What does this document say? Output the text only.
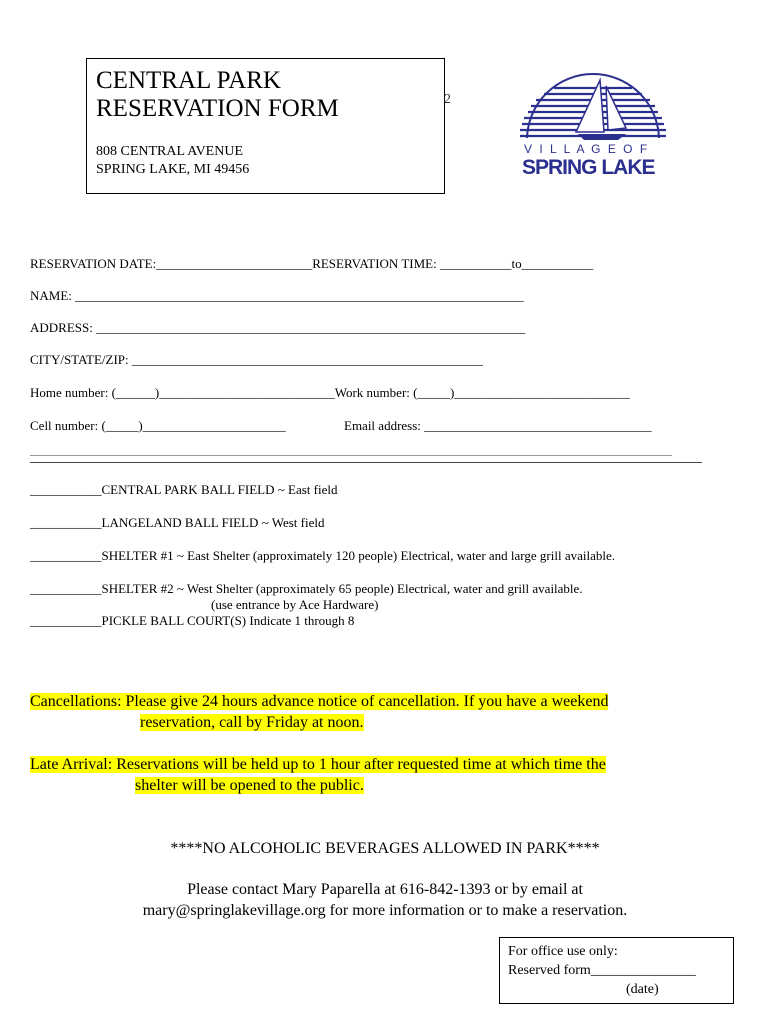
CENTRAL PARK
RESERVATION FORM
808 CENTRAL AVENUE
SPRING LAKE, MI 49456
2
V I L L A G E O F
SPRING LAKE
RESERVATION DATE:________________________RESERVATION TIME: ___________to___________
NAME: _____________________________________________________________________
ADDRESS: __________________________________________________________________
CITY/STATE/ZIP: ______________________________________________________
Home number: (______)___________________________Work number: (_____)___________________________
Cell number: (_____)______________________	Email address: ___________________________________
___________CENTRAL PARK BALL FIELD ~ East field
___________LANGELAND BALL FIELD ~ West field
___________SHELTER #1 ~ East Shelter (approximately 120 people) Electrical, water and large grill available.
___________SHELTER #2 ~ West Shelter (approximately 65 people) Electrical, water and grill available.
(use entrance by Ace Hardware)
___________PICKLE BALL COURT(S) Indicate 1 through 8
Cancellations: Please give 24 hours advance notice of cancellation. If you have a weekend
reservation, call by Friday at noon.
Late Arrival: Reservations will be held up to 1 hour after requested time at which time the
shelter will be opened to the public.
****NO ALCOHOLIC BEVERAGES ALLOWED IN PARK****
Please contact Mary Paparella at 616-842-1393 or by email at
mary@springlakevillage.org for more information or to make a reservation.
For office use only:
Reserved form_______________
(date)
